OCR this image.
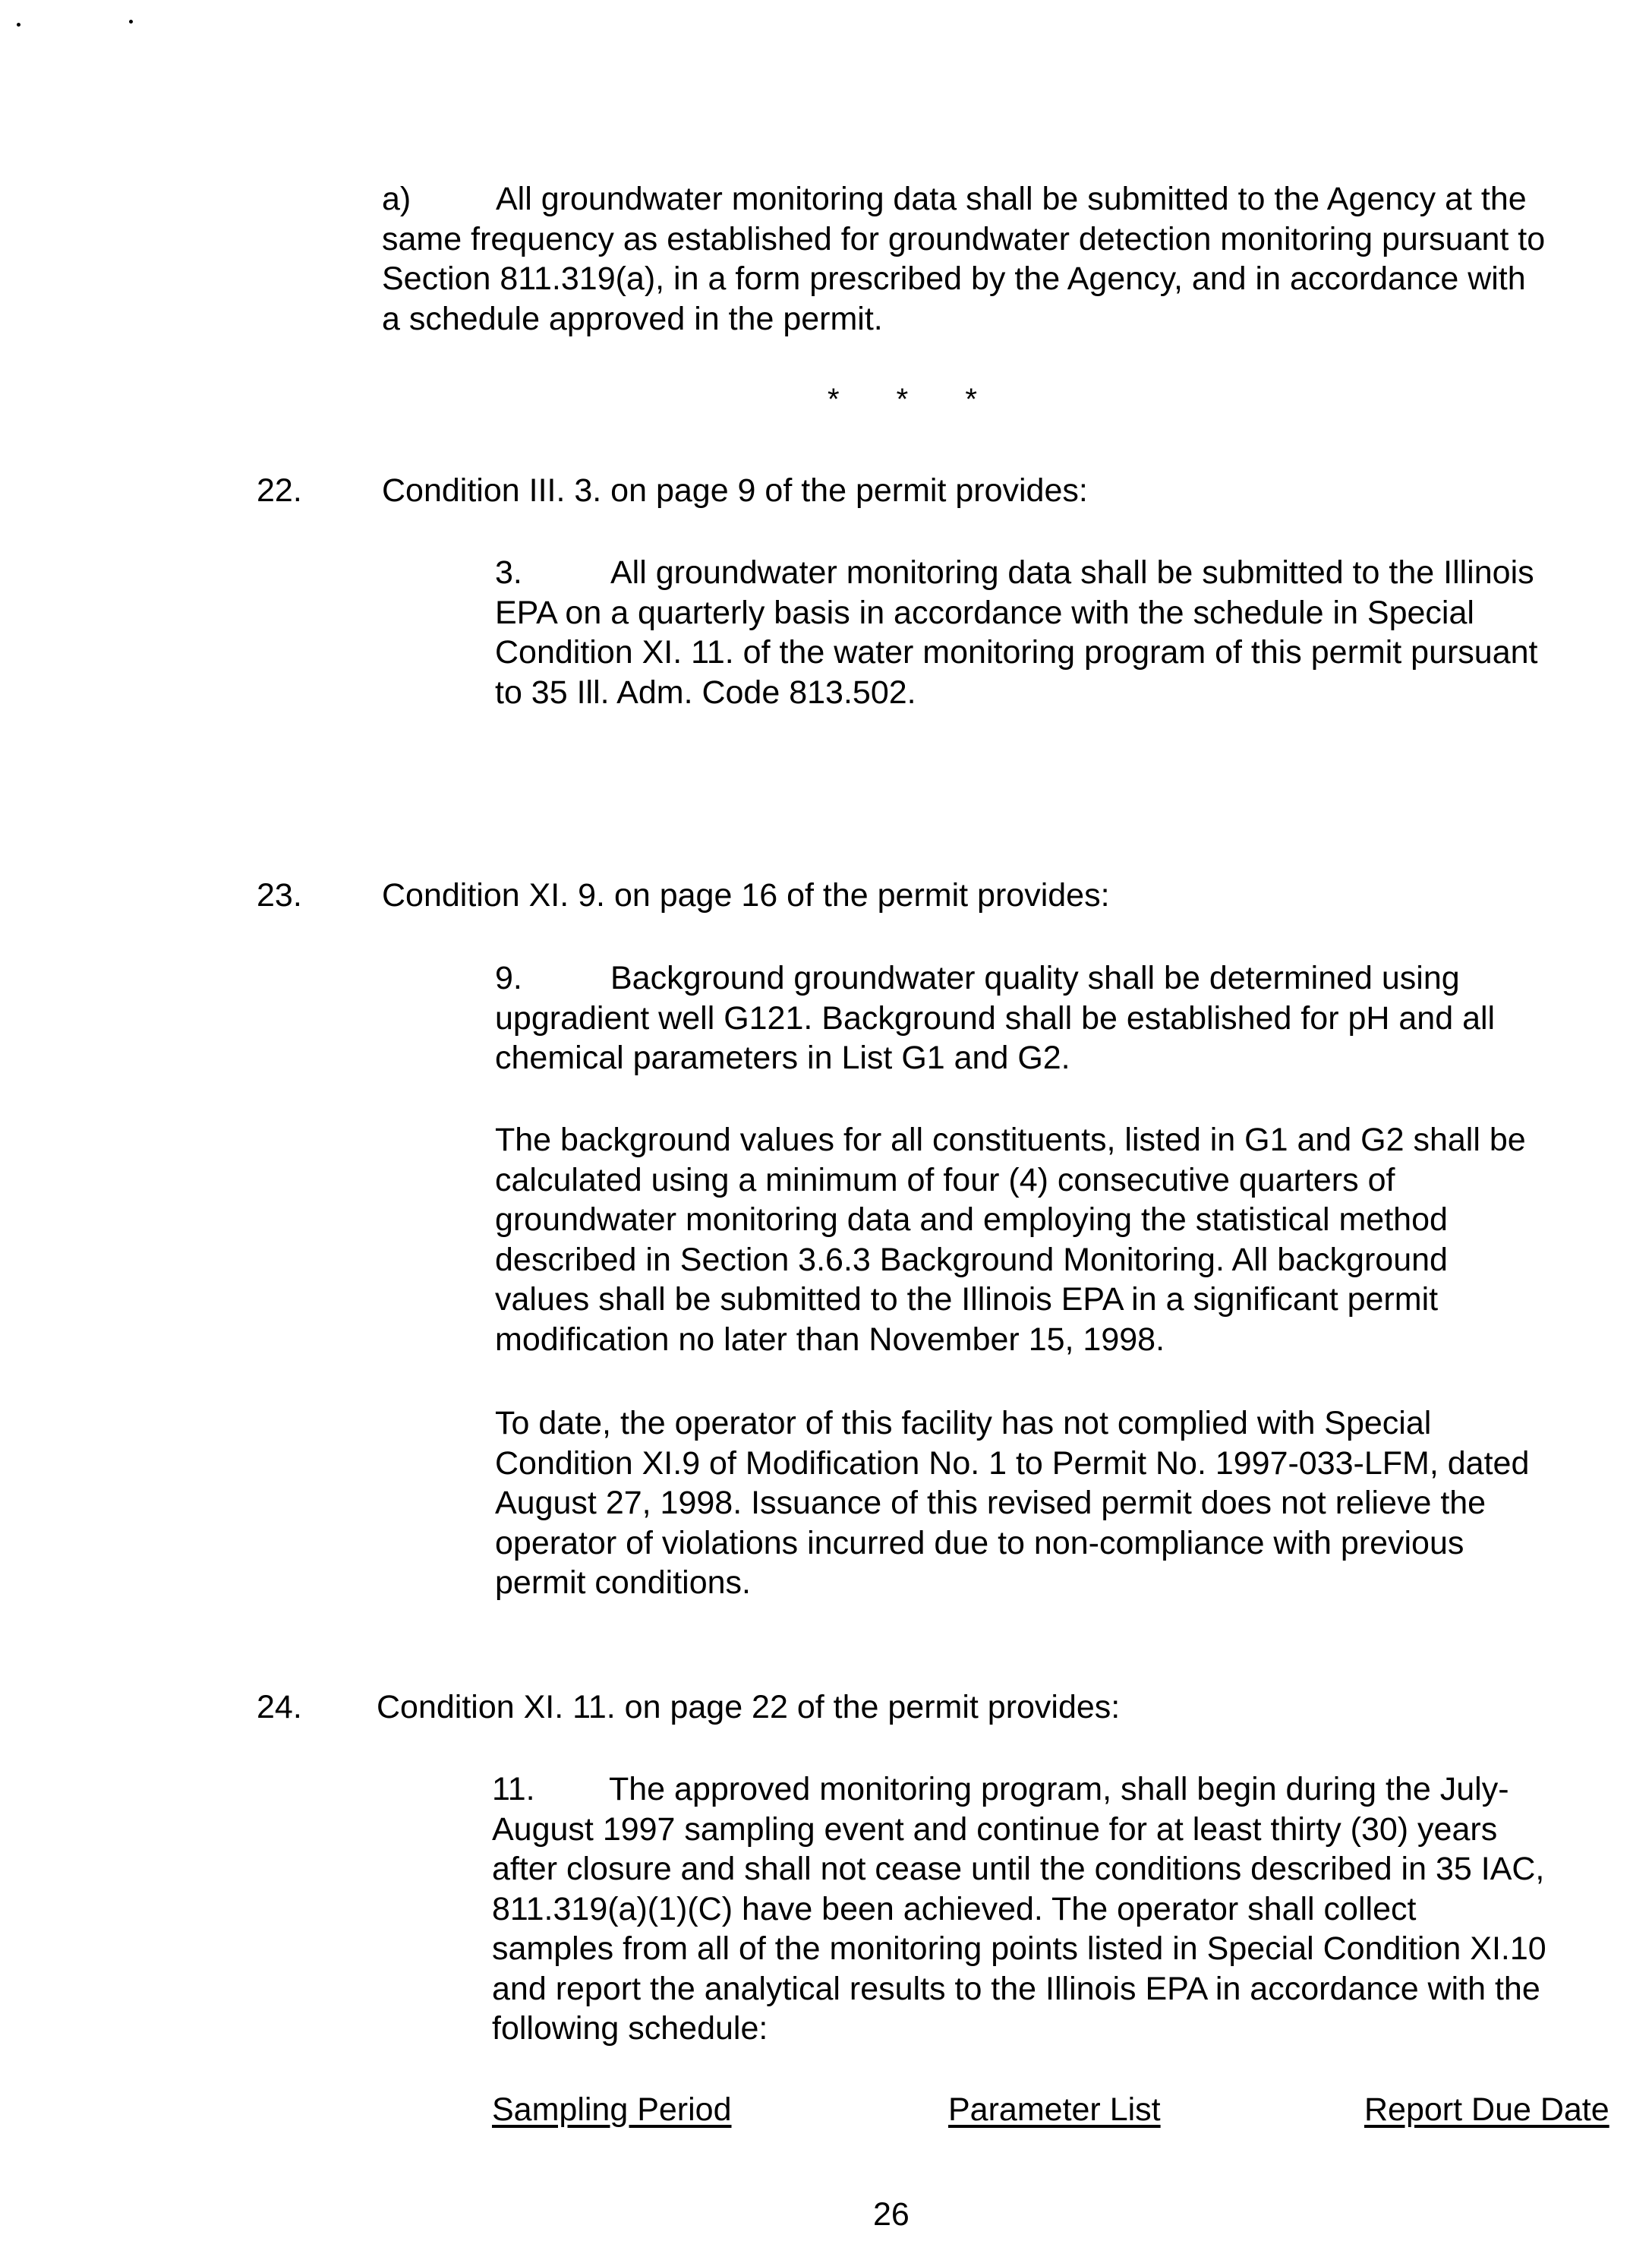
a)	All groundwater monitoring data shall be submitted to the Agency at the
same frequency as established for groundwater detection monitoring pursuant to
Section 811.319(a), in a form prescribed by the Agency, and in accordance with
a schedule approved in the permit.
* * *
22. Condition III. 3. on page 9 of the permit provides:
3.	All groundwater monitoring data shall be submitted to the Illinois
EPA on a quarterly basis in accordance with the schedule in Special
Condition XI. 11. of the water monitoring program of this permit pursuant
to 35 Ill. Adm. Code 813.502.
23. Condition XI. 9. on page 16 of the permit provides:
9.	Background groundwater quality shall be determined using
upgradient well G121. Background shall be established for pH and all
chemical parameters in List G1 and G2.
The background values for all constituents, listed in G1 and G2 shall be
calculated using a minimum of four (4) consecutive quarters of
groundwater monitoring data and employing the statistical method
described in Section 3.6.3 Background Monitoring. All background
values shall be submitted to the Illinois EPA in a significant permit
modification no later than November 15, 1998.
To date, the operator of this facility has not complied with Special
Condition XI.9 of Modification No. 1 to Permit No. 1997-033-LFM, dated
August 27, 1998. Issuance of this revised permit does not relieve the
operator of violations incurred due to non-compliance with previous
permit conditions.
24. Condition XI. 11. on page 22 of the permit provides:
11.	The approved monitoring program, shall begin during the July-
August 1997 sampling event and continue for at least thirty (30) years
after closure and shall not cease until the conditions described in 35 IAC,
811.319(a)(1)(C) have been achieved. The operator shall collect
samples from all of the monitoring points listed in Special Condition XI.10
and report the analytical results to the Illinois EPA in accordance with the
following schedule:
Sampling Period	Parameter List	Report Due Date
26
